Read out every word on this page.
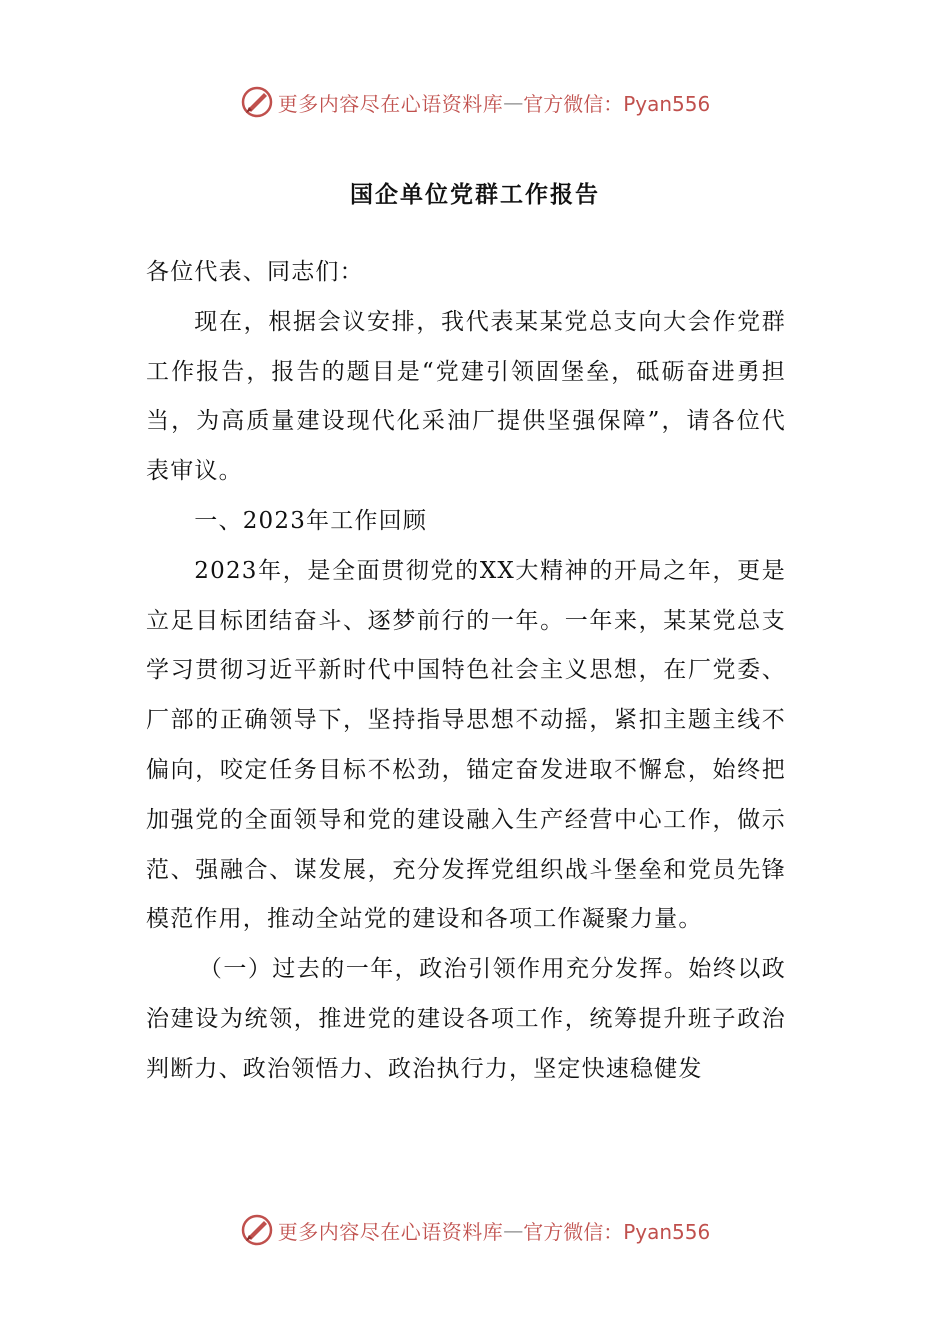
更多内容尽在心语资料库 — 官方微信：Pyan556
国企单位党群工作报告

各位代表、同志们：

现在，根据会议安排，我代表某某党总支向大会作党群工作报告，报告的题目是“党建引领固堡垒，砥砺奋进勇担当，为高质量建设现代化采油厂提供坚强保障”，请各位代表审议。

一、2023年工作回顾

2023年，是全面贯彻党的XX大精神的开局之年，更是立足目标团结奋斗、逐梦前行的一年。一年来，某某党总支学习贯彻习近平新时代中国特色社会主义思想，在厂党委、厂部的正确领导下，坚持指导思想不动摇，紧扣主题主线不偏向，咬定任务目标不松劲，锚定奋发进取不懈怠，始终把加强党的全面领导和党的建设融入生产经营中心工作，做示范、强融合、谋发展，充分发挥党组织战斗堡垒和党员先锋模范作用，推动全站党的建设和各项工作凝聚力量。

（一）过去的一年，政治引领作用充分发挥。始终以政治建设为统领，推进党的建设各项工作，统筹提升班子政治判断力、政治领悟力、政治执行力，坚定快速稳健发

更多内容尽在心语资料库 — 官方微信：Pyan556
